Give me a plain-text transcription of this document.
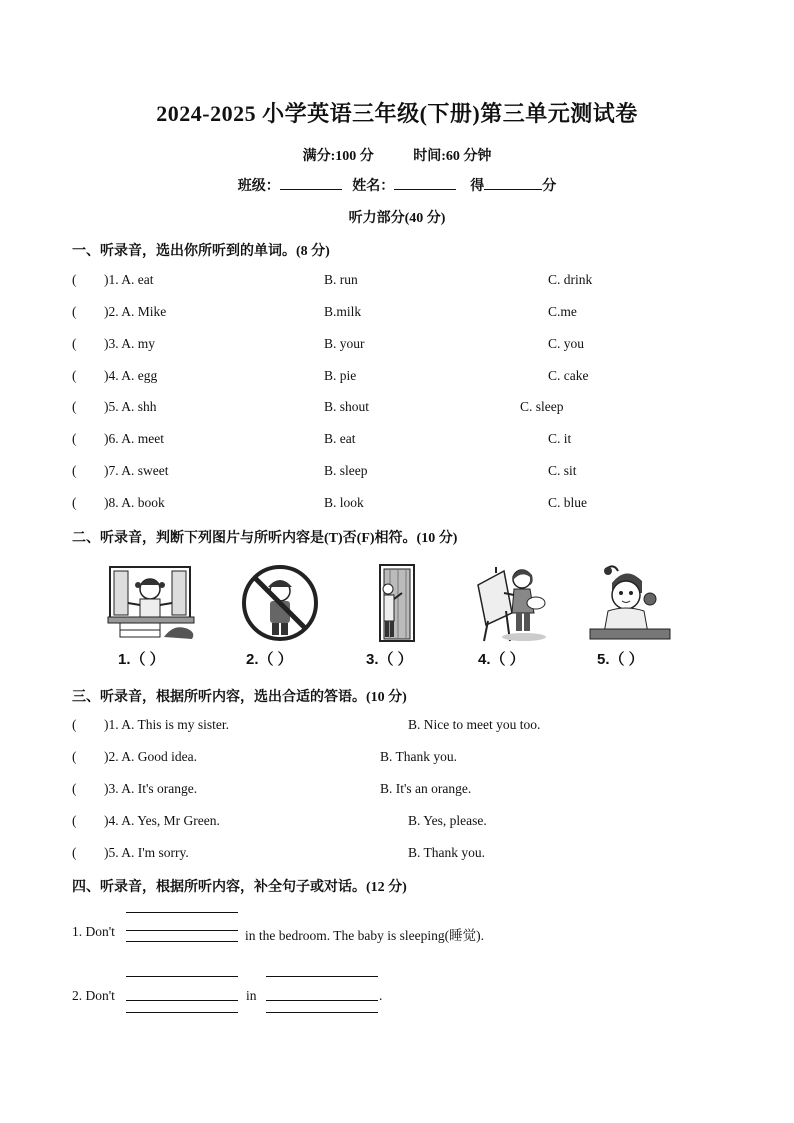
2024-2025 小学英语三年级(下册)第三单元测试卷
满分:100 分	时间:60 分钟
班级：	姓名：	得	分
听力部分(40 分)
一、听录音，选出你所听到的单词。(8 分)
( )1. A. eat	B. run	C. drink
( )2. A. Mike	B.milk	C.me
( )3. A. my	B. your	C. you
( )4. A. egg	B. pie	C. cake
( )5. A. shh	B. shout	C. sleep
( )6. A. meet	B. eat	C. it
( )7. A. sweet	B. sleep	C. sit
( )8. A. book	B. look	C. blue
二、听录音，判断下列图片与所听内容是(T)否(F)相符。(10 分)
1.（ ）	2.（ ）	3.（ ）	4.（ ）	5.（ ）
三、听录音，根据所听内容，选出合适的答语。(10 分)
( )1. A. This is my sister.	B. Nice to meet you too.
( )2. A. Good idea.	B. Thank you.
( )3. A. It's orange.	B. It's an orange.
( )4. A. Yes, Mr Green.	B. Yes, please.
( )5. A. I'm sorry.	B. Thank you.
四、听录音，根据所听内容，补全句子或对话。(12 分)
1. Don't	in the bedroom. The baby is sleeping(睡觉).
2. Don't	in	.
